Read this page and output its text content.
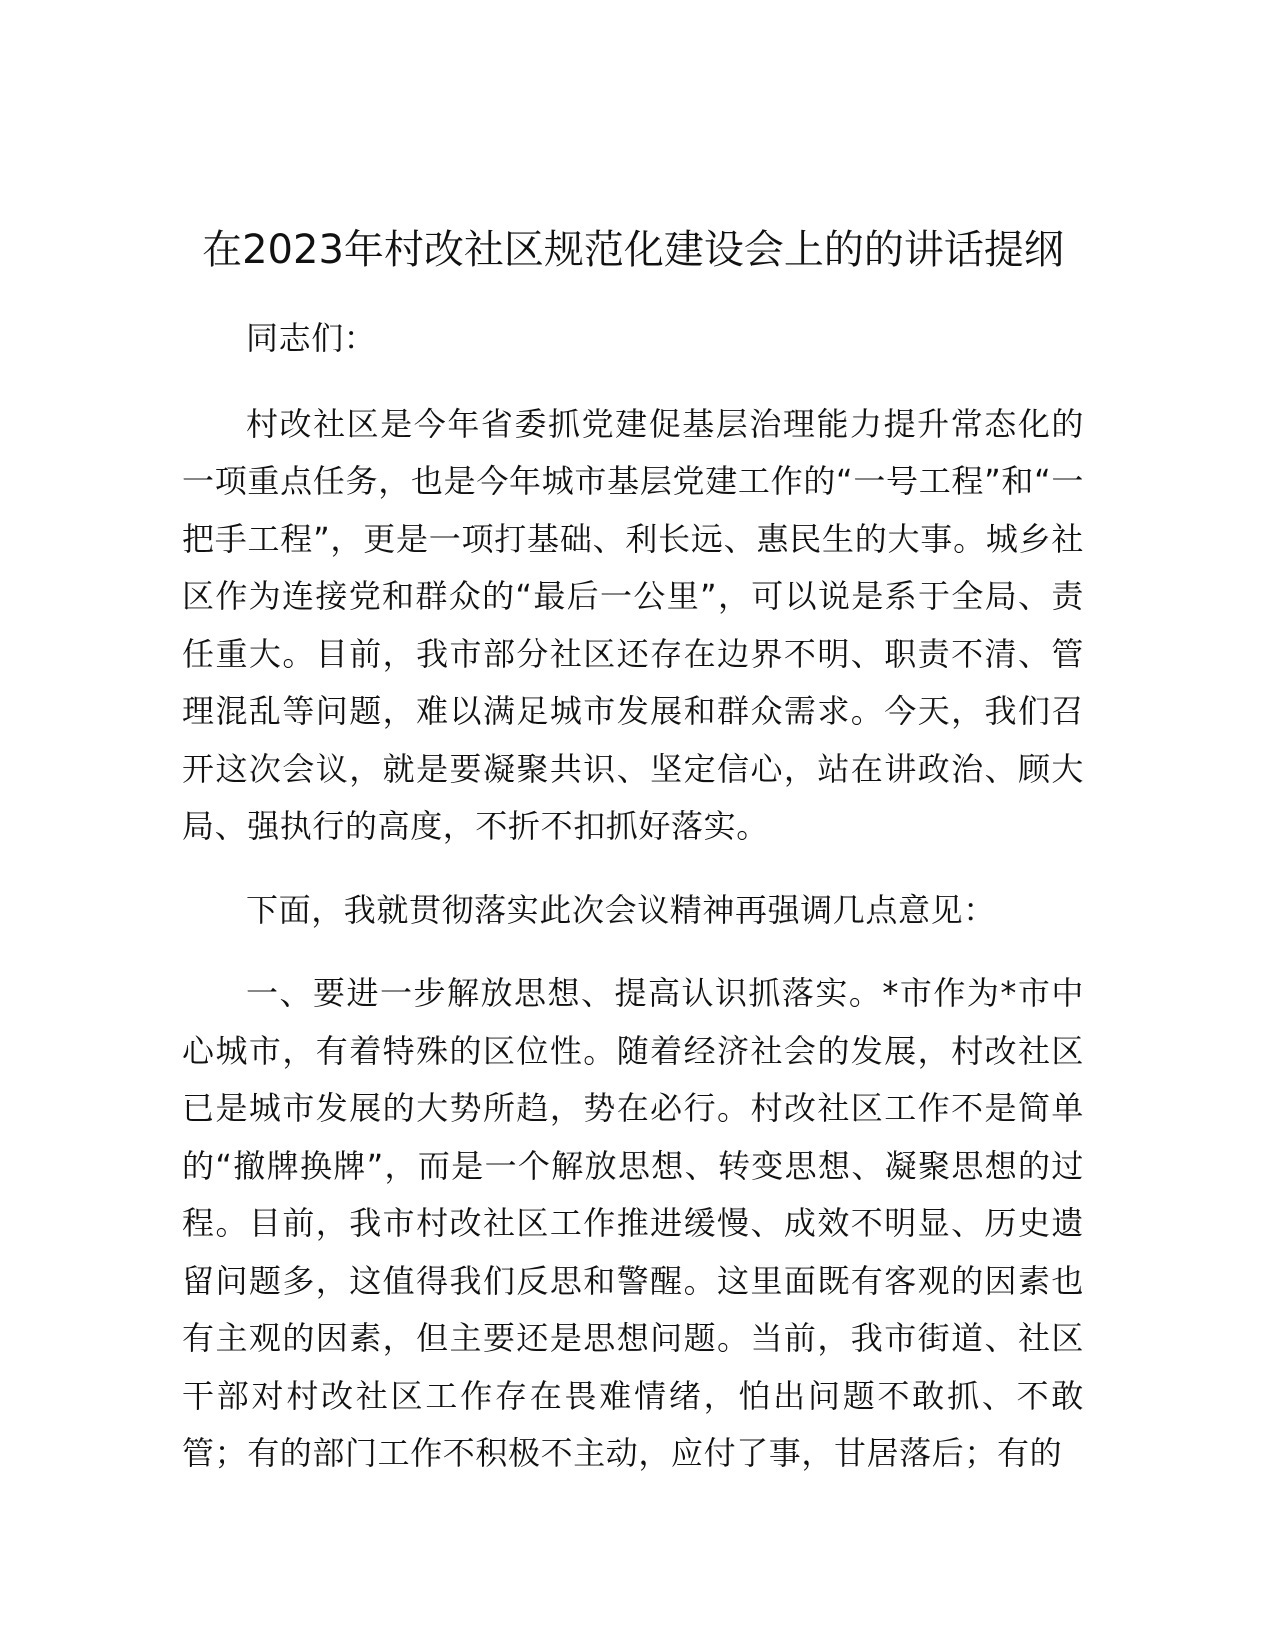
在2023年村改社区规范化建设会上的的讲话提纲

同志们：

村改社区是今年省委抓党建促基层治理能力提升常态化的一项重点任务，也是今年城市基层党建工作的“一号工程”和“一把手工程”，更是一项打基础、利长远、惠民生的大事。城乡社区作为连接党和群众的“最后一公里”，可以说是系于全局、责任重大。目前，我市部分社区还存在边界不明、职责不清、管理混乱等问题，难以满足城市发展和群众需求。今天，我们召开这次会议，就是要凝聚共识、坚定信心，站在讲政治、顾大局、强执行的高度，不折不扣抓好落实。

下面，我就贯彻落实此次会议精神再强调几点意见：

一、要进一步解放思想、提高认识抓落实。*市作为*市中心城市，有着特殊的区位性。随着经济社会的发展，村改社区已是城市发展的大势所趋，势在必行。村改社区工作不是简单的“撤牌换牌”，而是一个解放思想、转变思想、凝聚思想的过程。目前，我市村改社区工作推进缓慢、成效不明显、历史遗留问题多，这值得我们反思和警醒。这里面既有客观的因素也有主观的因素，但主要还是思想问题。当前，我市街道、社区干部对村改社区工作存在畏难情绪，怕出问题不敢抓、不敢管；有的部门工作不积极不主动，应付了事，甘居落后；有的
